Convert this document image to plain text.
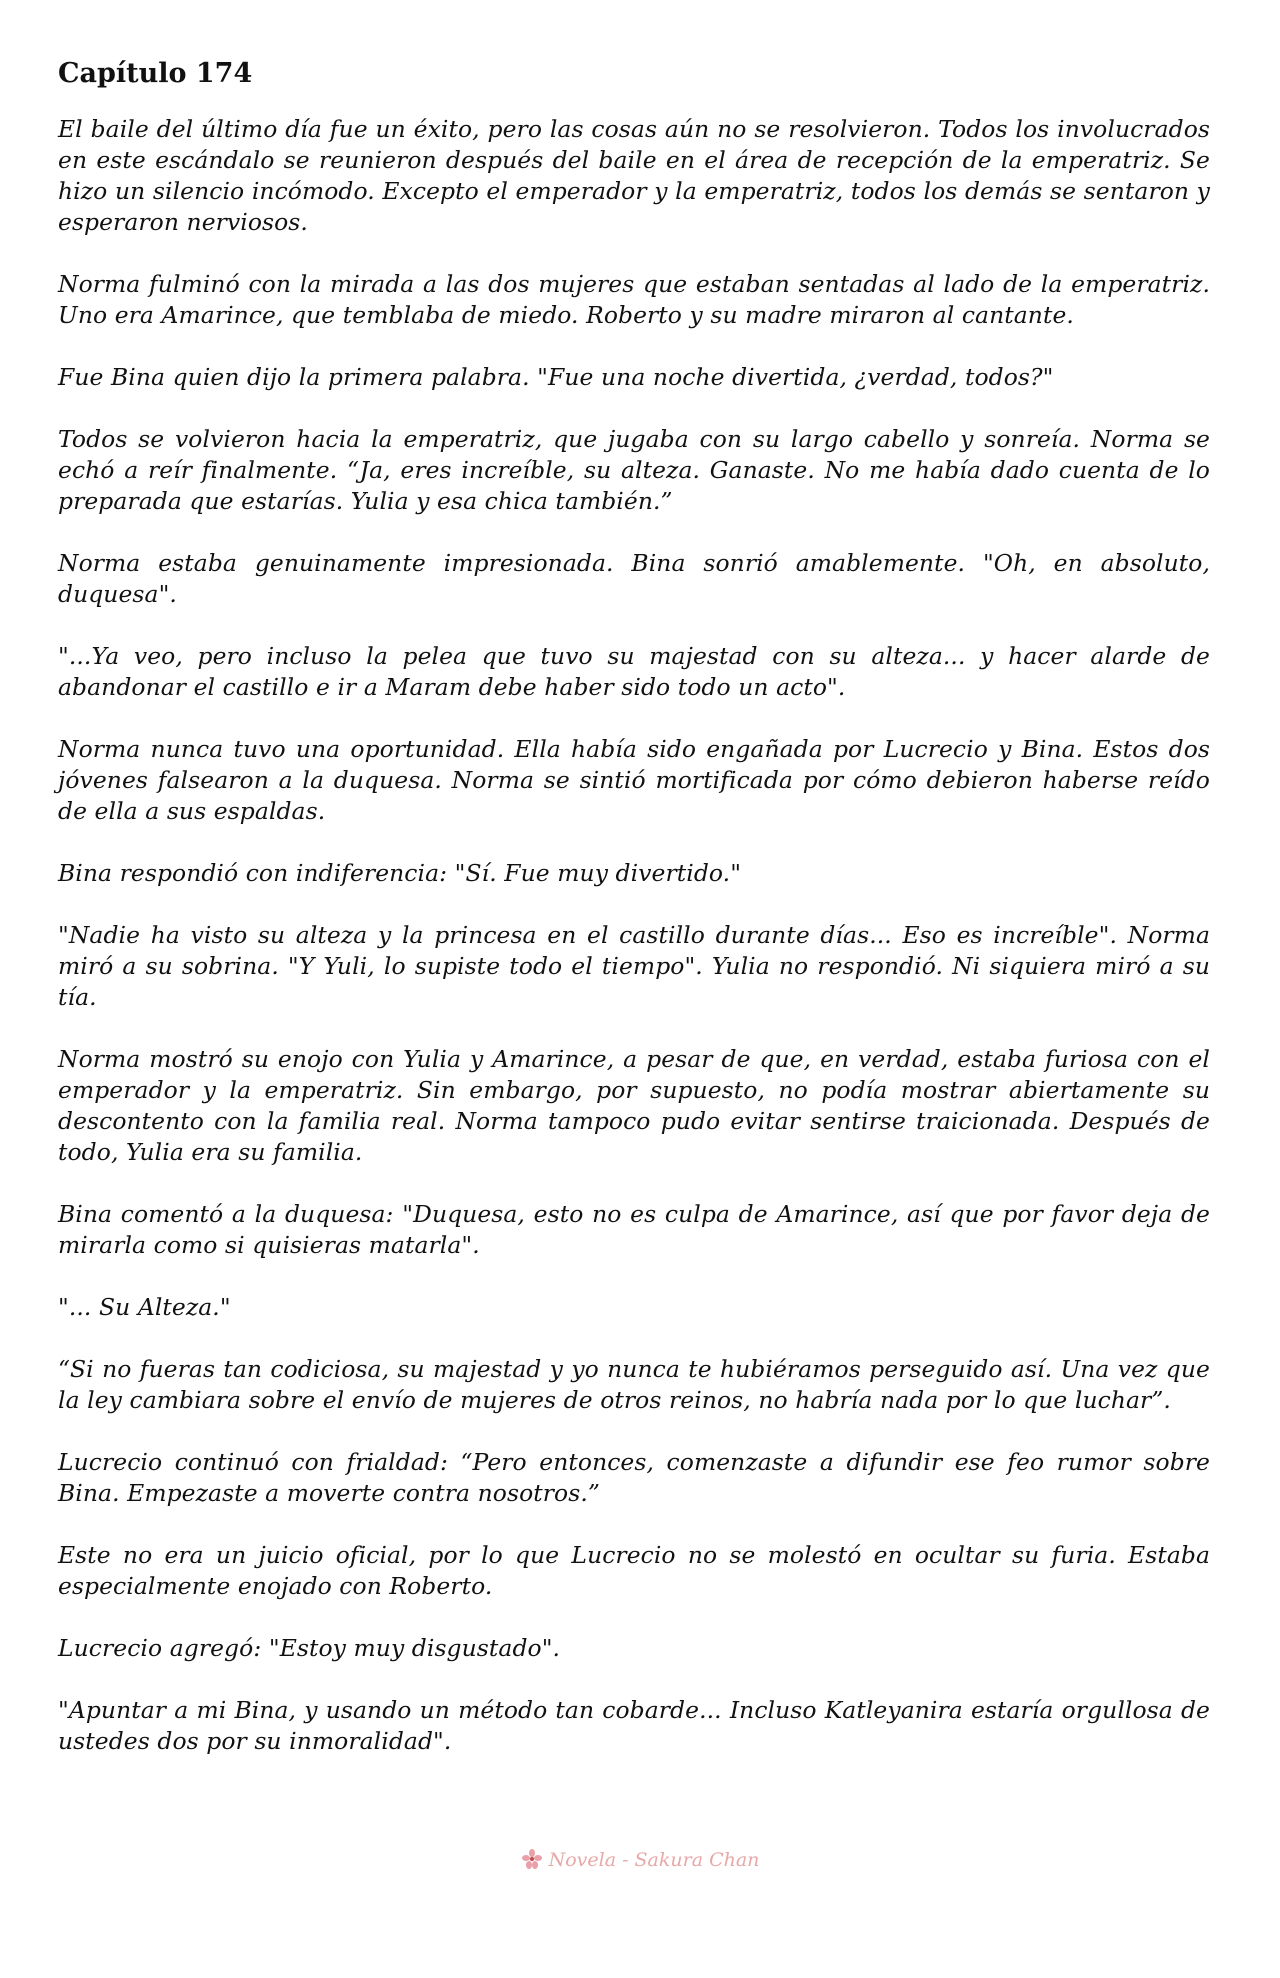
Capítulo 174

El baile del último día fue un éxito, pero las cosas aún no se resolvieron. Todos los involucrados en este escándalo se reunieron después del baile en el área de recepción de la emperatriz. Se hizo un silencio incómodo. Excepto el emperador y la emperatriz, todos los demás se sentaron y esperaron nerviosos.

Norma fulminó con la mirada a las dos mujeres que estaban sentadas al lado de la emperatriz. Uno era Amarince, que temblaba de miedo. Roberto y su madre miraron al cantante.

Fue Bina quien dijo la primera palabra. "Fue una noche divertida, ¿verdad, todos?"

Todos se volvieron hacia la emperatriz, que jugaba con su largo cabello y sonreía. Norma se echó a reír finalmente. “Ja, eres increíble, su alteza. Ganaste. No me había dado cuenta de lo preparada que estarías. Yulia y esa chica también.”

Norma estaba genuinamente impresionada. Bina sonrió amablemente. "Oh, en absoluto, duquesa".

"...Ya veo, pero incluso la pelea que tuvo su majestad con su alteza... y hacer alarde de abandonar el castillo e ir a Maram debe haber sido todo un acto".

Norma nunca tuvo una oportunidad. Ella había sido engañada por Lucrecio y Bina. Estos dos jóvenes falsearon a la duquesa. Norma se sintió mortificada por cómo debieron haberse reído de ella a sus espaldas.

Bina respondió con indiferencia: "Sí. Fue muy divertido."

"Nadie ha visto su alteza y la princesa en el castillo durante días... Eso es increíble". Norma miró a su sobrina. "Y Yuli, lo supiste todo el tiempo". Yulia no respondió. Ni siquiera miró a su tía.

Norma mostró su enojo con Yulia y Amarince, a pesar de que, en verdad, estaba furiosa con el emperador y la emperatriz. Sin embargo, por supuesto, no podía mostrar abiertamente su descontento con la familia real. Norma tampoco pudo evitar sentirse traicionada. Después de todo, Yulia era su familia.

Bina comentó a la duquesa: "Duquesa, esto no es culpa de Amarince, así que por favor deja de mirarla como si quisieras matarla".

"... Su Alteza."

“Si no fueras tan codiciosa, su majestad y yo nunca te hubiéramos perseguido así. Una vez que la ley cambiara sobre el envío de mujeres de otros reinos, no habría nada por lo que luchar”.

Lucrecio continuó con frialdad: “Pero entonces, comenzaste a difundir ese feo rumor sobre Bina. Empezaste a moverte contra nosotros.”

Este no era un juicio oficial, por lo que Lucrecio no se molestó en ocultar su furia. Estaba especialmente enojado con Roberto.

Lucrecio agregó: "Estoy muy disgustado".

"Apuntar a mi Bina, y usando un método tan cobarde... Incluso Katleyanira estaría orgullosa de ustedes dos por su inmoralidad".

Novela - Sakura Chan
